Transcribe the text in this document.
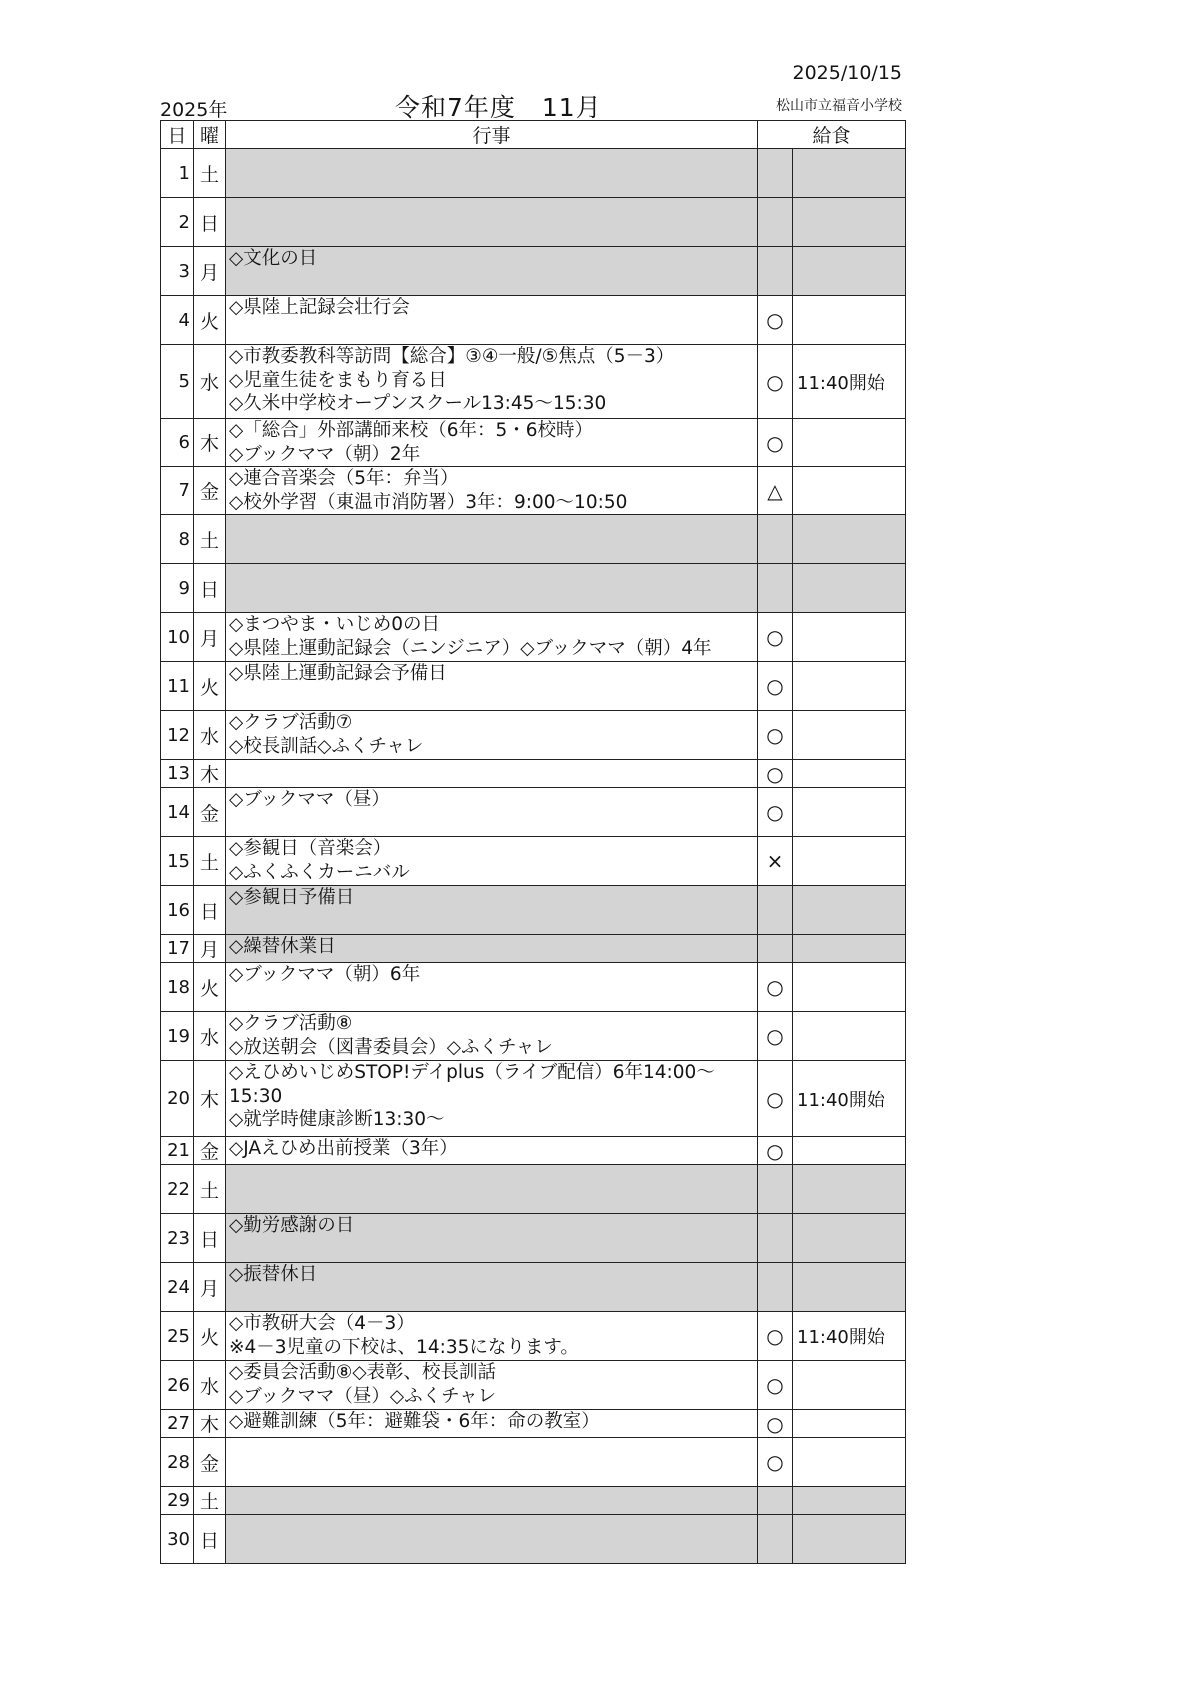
2025/10/15
2025年	令和7年度　11月	松山市立福音小学校
日	曜	行事	給食	
1	土			
2	日			
3	月	◇文化の日		

4	火	◇県陸上記録会壮行会	○	
5	水	◇市教委教科等訪問【総合】③④一般/⑤焦点（5－3）
◇児童生徒をまもり育る日
◇久米中学校オープンスクール13:45～15:30	○	11:40開始
6	木	◇「総合」外部講師来校（6年：5・6校時）
◇ブックママ（朝）2年	○	
7	金	◇連合音楽会（5年：弁当）
◇校外学習（東温市消防署）3年：9:00～10:50	△	
8	土			
9	日			
10	月	◇まつやま・いじめ0の日
◇県陸上運動記録会（ニンジニア）◇ブックママ（朝）4年	○	
11	火	◇県陸上運動記録会予備日	○	
12	水	◇クラブ活動⑦
◇校長訓話◇ふくチャレ	○	
13	木		○	
14	金	◇ブックママ（昼）	○	
15	土	◇参観日（音楽会）
◇ふくふくカーニバル	×	
16	日	◇参観日予備日		

17	月	◇繰替休業日		

18	火	◇ブックママ（朝）6年	○	
19	水	◇クラブ活動⑧
◇放送朝会（図書委員会）◇ふくチャレ	○	
20	木	◇えひめいじめSTOP!デイplus（ライブ配信）6年14:00～
15:30
◇就学時健康診断13:30～	○	11:40開始
21	金	◇JAえひめ出前授業（3年）	○	
22	土			
23	日	◇勤労感謝の日		

24	月	◇振替休日		

25	火	◇市教研大会（4－3）
※4－3児童の下校は、14:35になります。	○	11:40開始
26	水	◇委員会活動⑧◇表彰、校長訓話
◇ブックママ（昼）◇ふくチャレ	○	
27	木	◇避難訓練（5年：避難袋・6年：命の教室）	○	
28	金		○	
29	土			
30	日			
